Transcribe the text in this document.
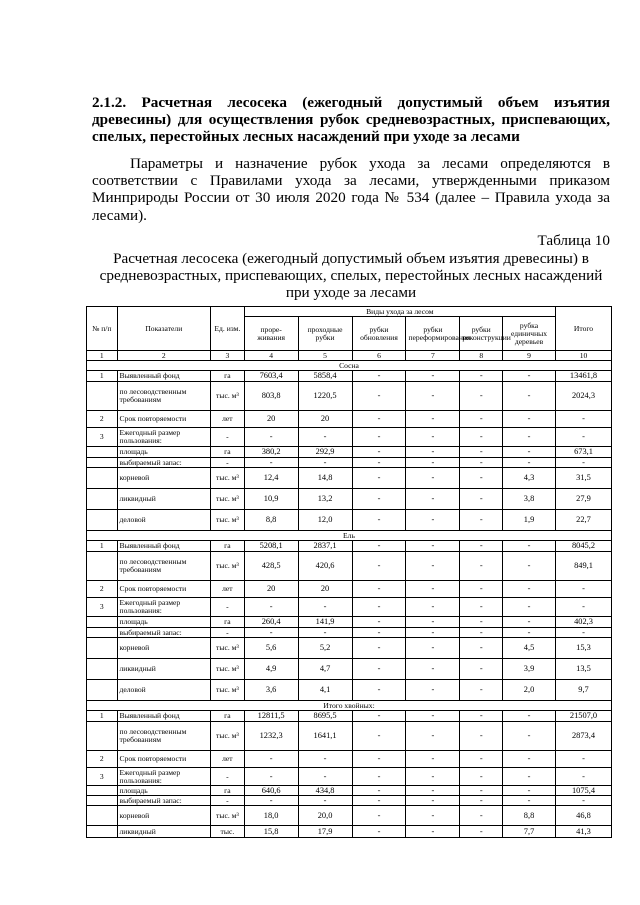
2.1.2. Расчетная лесосека (ежегодный допустимый объем изъятия древесины) для осуществления рубок средневозрастных, приспевающих, спелых, перестойных лесных насаждений при уходе за лесами
Параметры и назначение рубок ухода за лесами определяются в соответствии с Правилами ухода за лесами, утвержденными приказом Минприроды России от 30 июля 2020 года № 534 (далее – Правила ухода за лесами).
Таблица 10
Расчетная лесосека (ежегодный допустимый объем изъятия древесины) в средневозрастных, приспевающих, спелых, перестойных лесных насаждений при уходе за лесами
№ п/п	Показатели	Ед. изм.	Виды ухода за лесом						Итого
			проре-живания	проходные рубки	рубки обновления	рубки переформирования	рубки реконструкции	рубка единичных деревьев	
1	2	3	4	5	6	7	8	9	10
Сосна									
1	Выявленный фонд	га	7603,4	5858,4	-	-	-	-	13461,8
	по лесоводственным требованиям	тыс. м³	803,8	1220,5	-	-	-	-	2024,3
2	Срок повторяемости	лет	20	20	-	-	-	-	-
3	Ежегодный размер пользования:	-	-	-	-	-	-	-	-
	площадь	га	380,2	292,9	-	-	-	-	673,1
	выбираемый запас:	-	-	-	-	-	-	-	-
	корневой	тыс. м³	12,4	14,8	-	-	-	4,3	31,5
	ликвидный	тыс. м³	10,9	13,2	-	-	-	3,8	27,9
	деловой	тыс. м³	8,8	12,0	-	-	-	1,9	22,7
Ель									
1	Выявленный фонд	га	5208,1	2837,1	-	-	-	-	8045,2
	по лесоводственным требованиям	тыс. м³	428,5	420,6	-	-	-	-	849,1
2	Срок повторяемости	лет	20	20	-	-	-	-	-
3	Ежегодный размер пользования:	-	-	-	-	-	-	-	-
	площадь	га	260,4	141,9	-	-	-	-	402,3
	выбираемый запас:	-	-	-	-	-	-	-	-
	корневой	тыс. м³	5,6	5,2	-	-	-	4,5	15,3
	ликвидный	тыс. м³	4,9	4,7	-	-	-	3,9	13,5
	деловой	тыс. м³	3,6	4,1	-	-	-	2,0	9,7
Итого хвойных:									
1	Выявленный фонд	га	12811,5	8695,5	-	-	-	-	21507,0
	по лесоводственным требованиям	тыс. м³	1232,3	1641,1	-	-	-	-	2873,4
2	Срок повторяемости	лет	-	-	-	-	-	-	-
3	Ежегодный размер пользования:	-	-	-	-	-	-	-	-
	площадь	га	640,6	434,8	-	-	-	-	1075,4
	выбираемый запас:	-	-	-	-	-	-	-	-
	корневой	тыс. м³	18,0	20,0	-	-	-	8,8	46,8
	ликвидный	тыс.	15,8	17,9	-	-	-	7,7	41,3
